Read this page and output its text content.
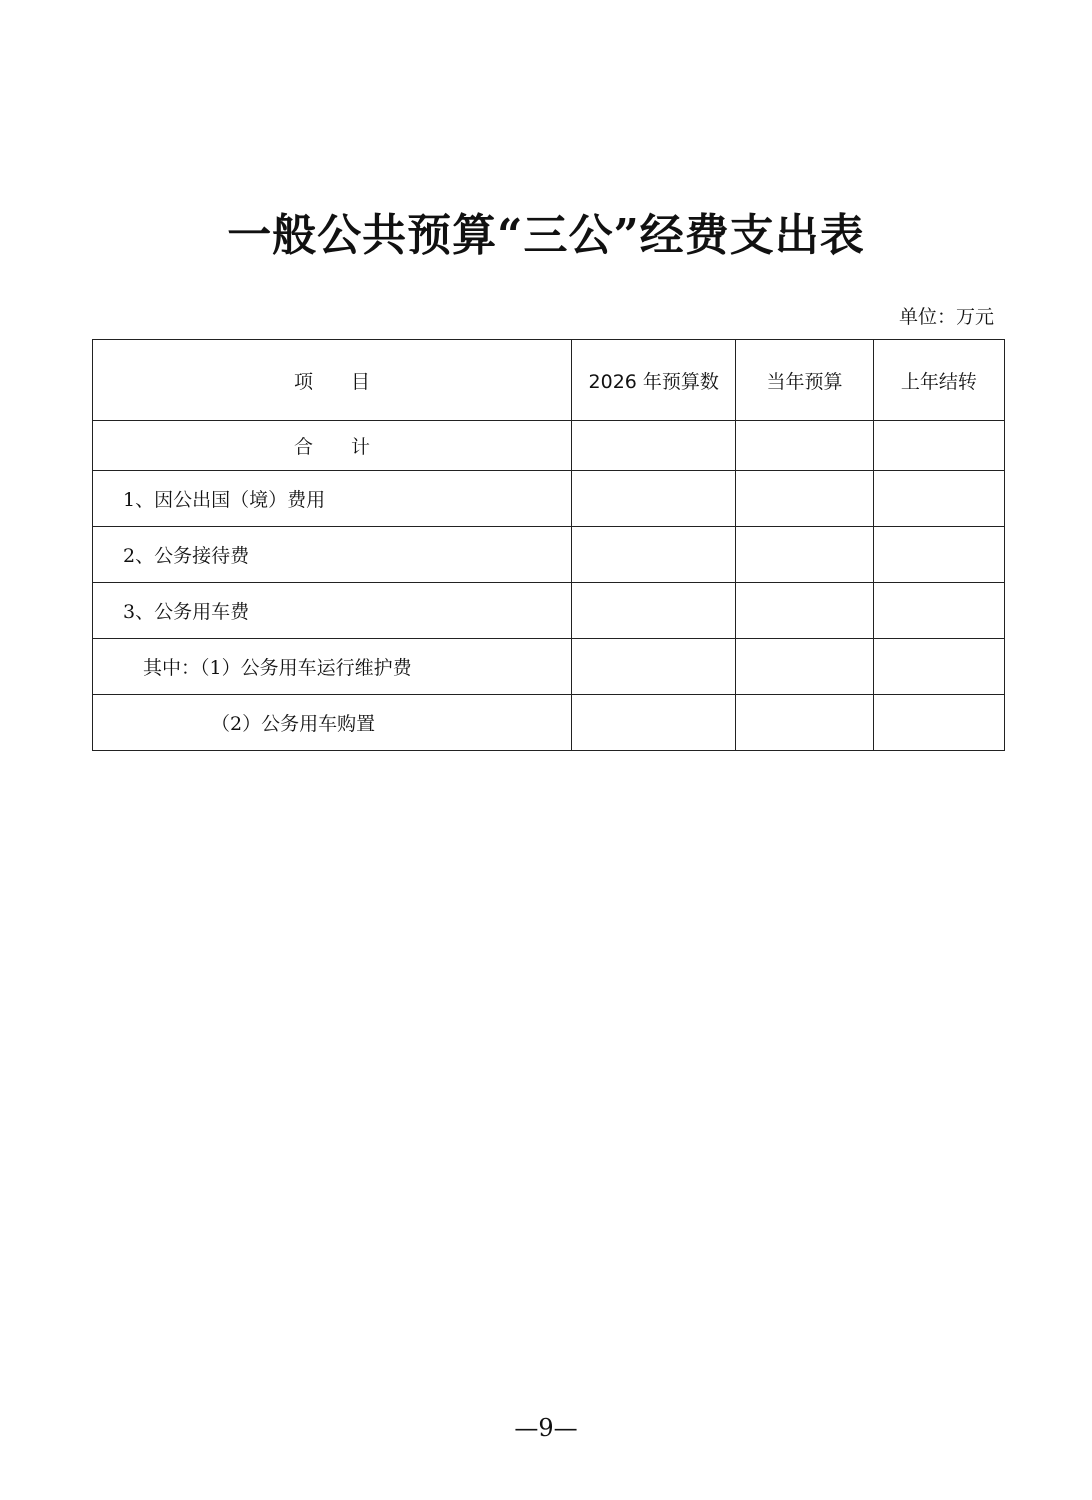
一般公共预算“三公”经费支出表
单位：万元
项　　目	2026 年预算数	当年预算	上年结转
合　　计			
1、因公出国（境）费用			
2、公务接待费			
3、公务用车费			
其中：（1）公务用车运行维护费			
（2）公务用车购置			
—9—
